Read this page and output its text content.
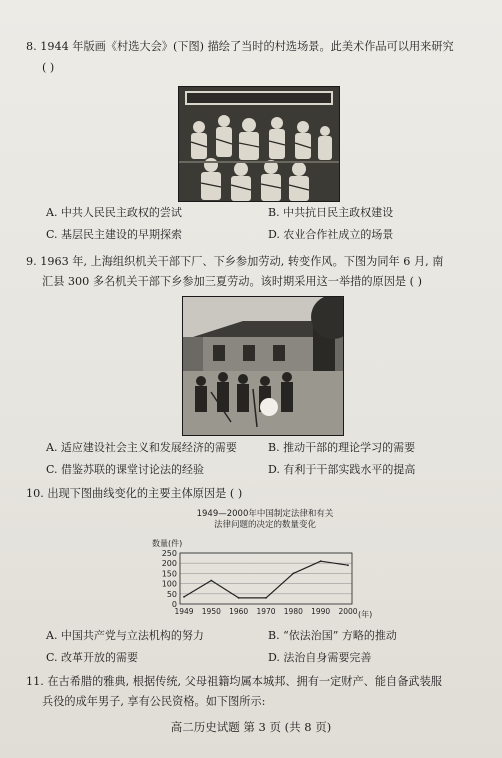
8. 1944 年版画《村选大会》(下图) 描绘了当时的村选场景。此美术作品可以用来研究
( )
A. 中共人民民主政权的尝试	B. 中共抗日民主政权建设
C. 基层民主建设的早期探索	D. 农业合作社成立的场景
9. 1963 年, 上海组织机关干部下厂、下乡参加劳动, 转变作风。下图为同年 6 月, 南
汇县 300 多名机关干部下乡参加三夏劳动。该时期采用这一举措的原因是 ( )
A. 适应建设社会主义和发展经济的需要	B. 推动干部的理论学习的需要
C. 借鉴苏联的课堂讨论法的经验	D. 有利于干部实践水平的提高
10. 出现下图曲线变化的主要主体原因是 ( )
1949—2000年中国制定法律和有关
法律问题的决定的数量变化
数量(件)
0
50
100
150
200
250
1949 1950 1960 1970 1980 1990 2000 (年)
A. 中国共产党与立法机构的努力	B. “依法治国” 方略的推动
C. 改革开放的需要	D. 法治自身需要完善
11. 在古希腊的雅典, 根据传统, 父母祖籍均属本城邦、拥有一定财产、能自备武装服
兵役的成年男子, 享有公民资格。如下图所示:
高二历史试题 第 3 页 (共 8 页)
